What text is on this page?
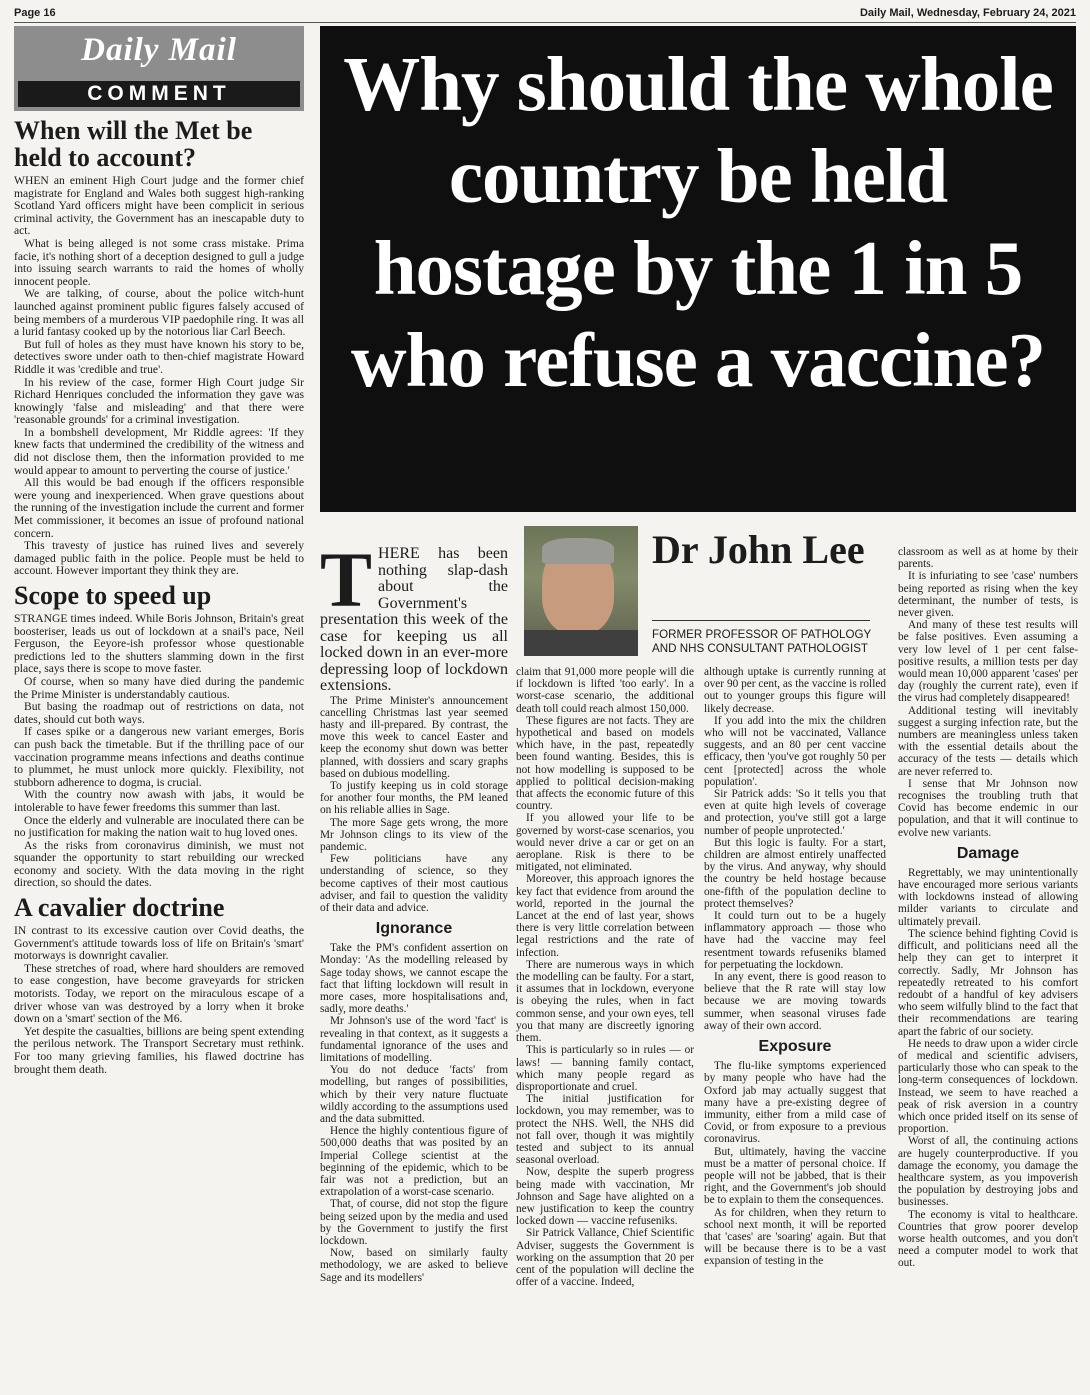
Page 16	Daily Mail, Wednesday, February 24, 2021
Daily Mail
COMMENT
When will the Met be held to account?

WHEN an eminent High Court judge and the former chief magistrate for England and Wales both suggest high-ranking Scotland Yard officers might have been complicit in serious criminal activity, the Government has an inescapable duty to act.

What is being alleged is not some crass mistake. Prima facie, it's nothing short of a deception designed to gull a judge into issuing search warrants to raid the homes of wholly innocent people.

We are talking, of course, about the police witch-hunt launched against prominent public figures falsely accused of being members of a murderous VIP paedophile ring. It was all a lurid fantasy cooked up by the notorious liar Carl Beech.

But full of holes as they must have known his story to be, detectives swore under oath to then-chief magistrate Howard Riddle it was 'credible and true'.

In his review of the case, former High Court judge Sir Richard Henriques concluded the information they gave was knowingly 'false and misleading' and that there were 'reasonable grounds' for a criminal investigation.

In a bombshell development, Mr Riddle agrees: 'If they knew facts that undermined the credibility of the witness and did not disclose them, then the information provided to me would appear to amount to perverting the course of justice.'

All this would be bad enough if the officers responsible were young and inexperienced. When grave questions about the running of the investigation include the current and former Met commissioner, it becomes an issue of profound national concern.

This travesty of justice has ruined lives and severely damaged public faith in the police. People must be held to account. However important they think they are.

Scope to speed up

STRANGE times indeed. While Boris Johnson, Britain's great boosteriser, leads us out of lockdown at a snail's pace, Neil Ferguson, the Eeyore-ish professor whose questionable predictions led to the shutters slamming down in the first place, says there is scope to move faster.

Of course, when so many have died during the pandemic the Prime Minister is understandably cautious.

But basing the roadmap out of restrictions on data, not dates, should cut both ways.

If cases spike or a dangerous new variant emerges, Boris can push back the timetable. But if the thrilling pace of our vaccination programme means infections and deaths continue to plummet, he must unlock more quickly. Flexibility, not stubborn adherence to dogma, is crucial.

With the country now awash with jabs, it would be intolerable to have fewer freedoms this summer than last.

Once the elderly and vulnerable are inoculated there can be no justification for making the nation wait to hug loved ones.

As the risks from coronavirus diminish, we must not squander the opportunity to start rebuilding our wrecked economy and society. With the data moving in the right direction, so should the dates.

A cavalier doctrine

IN contrast to its excessive caution over Covid deaths, the Government's attitude towards loss of life on Britain's 'smart' motorways is downright cavalier.

These stretches of road, where hard shoulders are removed to ease congestion, have become graveyards for stricken motorists. Today, we report on the miraculous escape of a driver whose van was destroyed by a lorry when it broke down on a 'smart' section of the M6.

Yet despite the casualties, billions are being spent extending the perilous network. The Transport Secretary must rethink. For too many grieving families, his flawed doctrine has brought them death.

Why should the whole country be held hostage by the 1 in 5 who refuse a vaccine?
Dr John Lee
FORMER PROFESSOR OF PATHOLOGY AND NHS CONSULTANT PATHOLOGIST
T HERE has been nothing slap-dash about the Government's presentation this week of the case for keeping us all locked down in an ever-more depressing loop of lockdown extensions.

The Prime Minister's announcement cancelling Christmas last year seemed hasty and ill-prepared. By contrast, the move this week to cancel Easter and keep the economy shut down was better planned, with dossiers and scary graphs based on dubious modelling.

To justify keeping us in cold storage for another four months, the PM leaned on his reliable allies in Sage.

The more Sage gets wrong, the more Mr Johnson clings to its view of the pandemic.

Few politicians have any understanding of science, so they become captives of their most cautious adviser, and fail to question the validity of their data and advice.

Ignorance

Take the PM's confident assertion on Monday: 'As the modelling released by Sage today shows, we cannot escape the fact that lifting lockdown will result in more cases, more hospitalisations and, sadly, more deaths.'

Mr Johnson's use of the word 'fact' is revealing in that context, as it suggests a fundamental ignorance of the uses and limitations of modelling.

You do not deduce 'facts' from modelling, but ranges of possibilities, which by their very nature fluctuate wildly according to the assumptions used and the data submitted.

Hence the highly contentious figure of 500,000 deaths that was posited by an Imperial College scientist at the beginning of the epidemic, which to be fair was not a prediction, but an extrapolation of a worst-case scenario.

That, of course, did not stop the figure being seized upon by the media and used by the Government to justify the first lockdown.

Now, based on similarly faulty methodology, we are asked to believe Sage and its modellers'

claim that 91,000 more people will die if lockdown is lifted 'too early'. In a worst-case scenario, the additional death toll could reach almost 150,000.

These figures are not facts. They are hypothetical and based on models which have, in the past, repeatedly been found wanting. Besides, this is not how modelling is supposed to be applied to political decision-making that affects the economic future of this country.

If you allowed your life to be governed by worst-case scenarios, you would never drive a car or get on an aeroplane. Risk is there to be mitigated, not eliminated.

Moreover, this approach ignores the key fact that evidence from around the world, reported in the journal the Lancet at the end of last year, shows there is very little correlation between legal restrictions and the rate of infection.

There are numerous ways in which the modelling can be faulty. For a start, it assumes that in lockdown, everyone is obeying the rules, when in fact common sense, and your own eyes, tell you that many are discreetly ignoring them.

This is particularly so in rules — or laws! — banning family contact, which many people regard as disproportionate and cruel.

The initial justification for lockdown, you may remember, was to protect the NHS. Well, the NHS did not fall over, though it was mightily tested and subject to its annual seasonal overload.

Now, despite the superb progress being made with vaccination, Mr Johnson and Sage have alighted on a new justification to keep the country locked down — vaccine refuseniks.

Sir Patrick Vallance, Chief Scientific Adviser, suggests the Government is working on the assumption that 20 per cent of the population will decline the offer of a vaccine. Indeed,

although uptake is currently running at over 90 per cent, as the vaccine is rolled out to younger groups this figure will likely decrease.

If you add into the mix the children who will not be vaccinated, Vallance suggests, and an 80 per cent vaccine efficacy, then 'you've got roughly 50 per cent [protected] across the whole population'.

Sir Patrick adds: 'So it tells you that even at quite high levels of coverage and protection, you've still got a large number of people unprotected.'

But this logic is faulty. For a start, children are almost entirely unaffected by the virus. And anyway, why should the country be held hostage because one-fifth of the population decline to protect themselves?

It could turn out to be a hugely inflammatory approach — those who have had the vaccine may feel resentment towards refuseniks blamed for perpetuating the lockdown.

In any event, there is good reason to believe that the R rate will stay low because we are moving towards summer, when seasonal viruses fade away of their own accord.

Exposure

The flu-like symptoms experienced by many people who have had the Oxford jab may actually suggest that many have a pre-existing degree of immunity, either from a mild case of Covid, or from exposure to a previous coronavirus.

But, ultimately, having the vaccine must be a matter of personal choice. If people will not be jabbed, that is their right, and the Government's job should be to explain to them the consequences.

As for children, when they return to school next month, it will be reported that 'cases' are 'soaring' again. But that will be because there is to be a vast expansion of testing in the

classroom as well as at home by their parents.

It is infuriating to see 'case' numbers being reported as rising when the key determinant, the number of tests, is never given.

And many of these test results will be false positives. Even assuming a very low level of 1 per cent false-positive results, a million tests per day would mean 10,000 apparent 'cases' per day (roughly the current rate), even if the virus had completely disappeared!

Additional testing will inevitably suggest a surging infection rate, but the numbers are meaningless unless taken with the essential details about the accuracy of the tests — details which are never referred to.

I sense that Mr Johnson now recognises the troubling truth that Covid has become endemic in our population, and that it will continue to evolve new variants.

Damage

Regrettably, we may unintentionally have encouraged more serious variants with lockdowns instead of allowing milder variants to circulate and ultimately prevail.

The science behind fighting Covid is difficult, and politicians need all the help they can get to interpret it correctly. Sadly, Mr Johnson has repeatedly retreated to his comfort redoubt of a handful of key advisers who seem wilfully blind to the fact that their recommendations are tearing apart the fabric of our society.

He needs to draw upon a wider circle of medical and scientific advisers, particularly those who can speak to the long-term consequences of lockdown. Instead, we seem to have reached a peak of risk aversion in a country which once prided itself on its sense of proportion.

Worst of all, the continuing actions are hugely counterproductive. If you damage the economy, you damage the healthcare system, as you impoverish the population by destroying jobs and businesses.

The economy is vital to healthcare. Countries that grow poorer develop worse health outcomes, and you don't need a computer model to work that out.
